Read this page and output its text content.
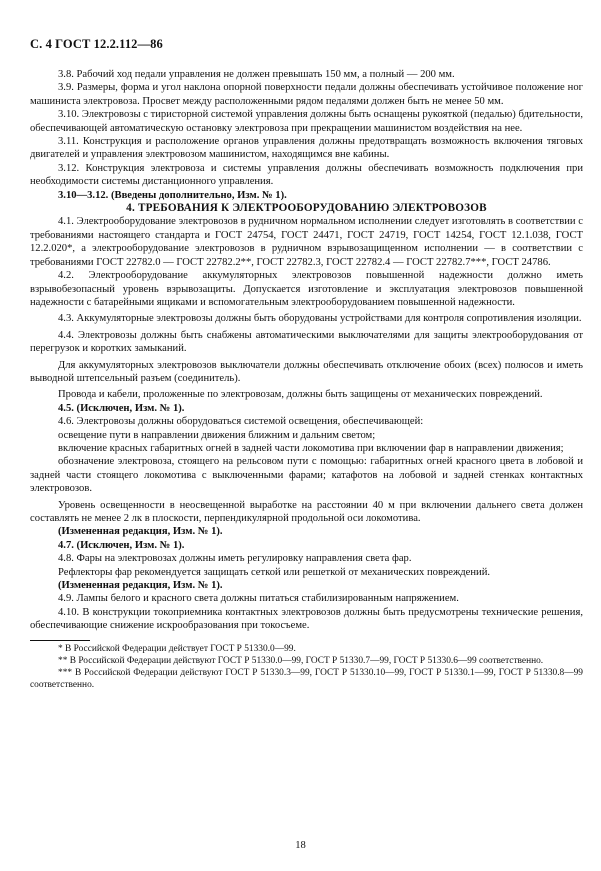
С. 4 ГОСТ 12.2.112—86

3.8. Рабочий ход педали управления не должен превышать 150 мм, а полный — 200 мм.

3.9. Размеры, форма и угол наклона опорной поверхности педали должны обеспечивать устойчивое положение ног машиниста электровоза. Просвет между расположенными рядом педалями должен быть не менее 50 мм.

3.10. Электровозы с тиристорной системой управления должны быть оснащены рукояткой (педалью) бдительности, обеспечивающей автоматическую остановку электровоза при прекращении машинистом воздействия на нее.

3.11. Конструкция и расположение органов управления должны предотвращать возможность включения тяговых двигателей и управления электровозом машинистом, находящимся вне кабины.

3.12. Конструкция электровоза и системы управления должны обеспечивать возможность подключения при необходимости системы дистанционного управления.

3.10—3.12. (Введены дополнительно, Изм. № 1).

4. ТРЕБОВАНИЯ К ЭЛЕКТРООБОРУДОВАНИЮ ЭЛЕКТРОВОЗОВ

4.1. Электрооборудование электровозов в рудничном нормальном исполнении следует изготовлять в соответствии с требованиями настоящего стандарта и ГОСТ 24754, ГОСТ 24471, ГОСТ 24719, ГОСТ 14254, ГОСТ 12.1.038, ГОСТ 12.2.020*, а электрооборудование электровозов в рудничном взрывозащищенном исполнении — в соответствии с требованиями ГОСТ 22782.0 — ГОСТ 22782.2**, ГОСТ 22782.3, ГОСТ 22782.4 — ГОСТ 22782.7***, ГОСТ 24786.

4.2. Электрооборудование аккумуляторных электровозов повышенной надежности должно иметь взрывобезопасный уровень взрывозащиты. Допускается изготовление и эксплуатация электровозов повышенной надежности с батарейными ящиками и вспомогательным электрооборудованием повышенной надежности.

4.3. Аккумуляторные электровозы должны быть оборудованы устройствами для контроля сопротивления изоляции.

4.4. Электровозы должны быть снабжены автоматическими выключателями для защиты электрооборудования от перегрузок и коротких замыканий.

Для аккумуляторных электровозов выключатели должны обеспечивать отключение обоих (всех) полюсов и иметь выводной штепсельный разъем (соединитель).

Провода и кабели, проложенные по электровозам, должны быть защищены от механических повреждений.

4.5. (Исключен, Изм. № 1).

4.6. Электровозы должны оборудоваться системой освещения, обеспечивающей:

освещение пути в направлении движения ближним и дальним светом;

включение красных габаритных огней в задней части локомотива при включении фар в направлении движения;

обозначение электровоза, стоящего на рельсовом пути с помощью: габаритных огней красного цвета в лобовой и задней части стоящего локомотива с выключенными фарами; катафотов на лобовой и задней стенках контактных электровозов.

Уровень освещенности в неосвещенной выработке на расстоянии 40 м при включении дальнего света должен составлять не менее 2 лк в плоскости, перпендикулярной продольной оси локомотива.

(Измененная редакция, Изм. № 1).

4.7. (Исключен, Изм. № 1).

4.8. Фары на электровозах должны иметь регулировку направления света фар.

Рефлекторы фар рекомендуется защищать сеткой или решеткой от механических повреждений.

(Измененная редакция, Изм. № 1).

4.9. Лампы белого и красного света должны питаться стабилизированным напряжением.

4.10. В конструкции токоприемника контактных электровозов должны быть предусмотрены технические решения, обеспечивающие снижение искрообразования при токосъеме.

* В Российской Федерации действует ГОСТ Р 51330.0—99.

** В Российской Федерации действуют ГОСТ Р 51330.0—99, ГОСТ Р 51330.7—99, ГОСТ Р 51330.6—99 соответственно.

*** В Российской Федерации действуют ГОСТ Р 51330.3—99, ГОСТ Р 51330.10—99, ГОСТ Р 51330.1—99, ГОСТ Р 51330.8—99 соответственно.

18
